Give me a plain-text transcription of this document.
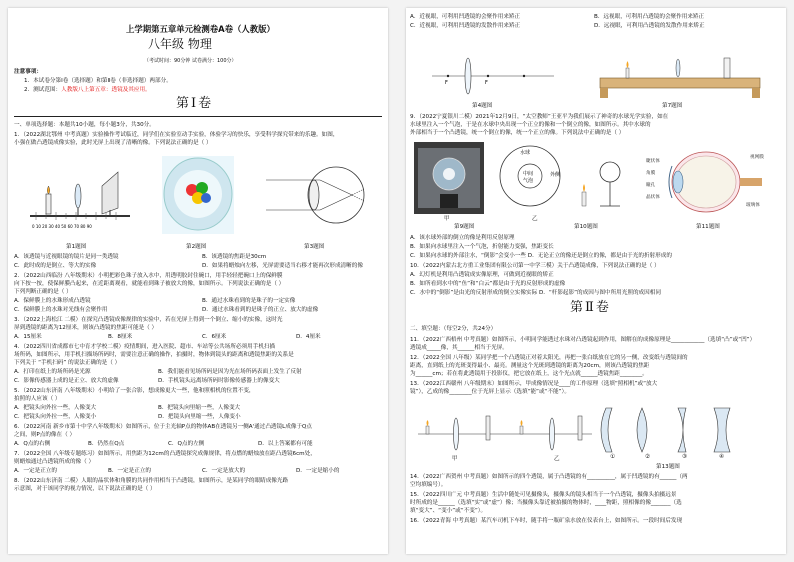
上学期第五章单元检测卷A卷（人教版）
八年级 物理
（考试时间：90分钟 试卷满分：100分）
注意事项：
1．本试卷分第Ⅰ卷（选择题）和第Ⅱ卷（非选择题）两部分。
2．测试范围：人教版八上第五章：透镜及其应用。
第Ⅰ卷
一、单项选择题：本题共10小题，每小题3分，共30分。
1．（2022湖北鄂州 中考真题）实验操作考试临近，同学们在实验室动手实验，体验学习的快乐，享受科学探究带来的乐趣。如图，
小强在做凸透镜成像实验，此时光屏上出现了清晰的像。下列说法正确的是（ ）
0 10 20 30 40 50 60 70 80 90
第1题图	第2题图	第3题图
A．该透镜与近视眼镜的镜片是同一类透镜	B．该透镜的焦距是30cm
C．此时成的是倒立、等大的实像	D．如果将蜡烛向左移，光屏需要适当右移才能再次形成清晰的像
2．（2022山西临汾 八年级期末）小明把彩色珠子放入水中，用透明胶封住碗口，用手轻轻把碗口上的保鲜膜
向下按一按，使保鲜膜凸起来，在近距离观看，就能看到珠子被放大的像，如图所示。下列说法正确的是（ ）
下列判断正确的是（ ）
A．保鲜膜上的水珠形成凸透镜	B．通过水珠看到的是珠子的一定实像
C．保鲜膜上的水珠对光线有会聚作用	D．通过水珠看到的是珠子的正立、放大的虚像
3．（2022上海松江 二模）在探究凸透镜成像规律的实验中，若在光屏上得到一个倒立、缩小的实像，这时光
屏到透镜的距离为12厘米，则该凸透镜的焦距可能是（ ）
A．15厘米	B．8厘米	C．6厘米	D．4厘米
4．（2022四川省成都市七中育才学校二模）疫情期间，进入医院、超市、车站等公共场所必须用手机扫描
场所码，如图所示，用手机扫描场所码时，需要注意正确的操作，拍摄时，物体到镜头的距离和透镜焦距的关系是
下列关于 “手机扫码” 的说法正确的是（ ）
A．打印在纸上的场所码是光源	B．我们能看见场所码是因为光在场所码表面上发生了反射
C．影像传感器上成的是正立、放大的虚像	D．手机镜头远离场所码时影像传感器上的像变大
5．（2022山东济南 八年级期末）小明给了一张合影，想成像更大一些，他和照相机的位置不变，
拍照的人应该（ ）
A．把镜头向外拉一些，人像变大	B．把镜头向里缩一些，人像变大
C．把镜头向外拉一些，人像变小	D．把镜头向里缩一些，人像变小
6．（2022河南 新乡市第十中学八年级期末）如图所示，位于主光轴P点的物体AB在透镜另一侧A'通过凸透镜L成像于Q点
之间，则P点的像在（ ）
A．Q点的右侧	B．仍然在Q点	C．Q点的左侧	D．以上答案都有可能
7．（2022全国 八年级专题练习）如图所示，用焦距为12cm的凸透镜探究成像规律，将点燃的蜡烛放在距凸透镜6cm处，
则蜡烛通过凸透镜所成的像（ ）
A．一定是正立的	B．一定是正立的	C．一定是放大的	D．一定是缩小的
8．（2022山东济南 二模）人眼的晶状体和角膜的共同作用相当于凸透镜，如图所示，是某同学的眼睛成像光路
示意图，对于该同学的视力情况，以下说法正确的是（ ）
A．近视眼，可利用凹透镜的会聚作用来矫正	B．远视眼，可利用凸透镜的会聚作用来矫正
C．近视眼，可利用凹透镜的发散作用来矫正	D．远视眼，可利用凸透镜的发散作用来矫正
F	F
第4题图	第7题图
9．（2022宁夏银川二模）2021年12月9日，“太空教师”王亚平为我们展示了神奇的水球光学实验，如在
水球里注入一个气泡，于是在水球中央出现一个正立的像和一个倒立的像，如图所示。其中水球的
外部相当于一个凸透镜，统一个倒立的像，统一个正立的像。下列说法中正确的是（ ）
甲
水球
外侧
中间
气泡
乙
睫状体
角膜
瞳孔
晶状体
视网膜
玻璃体
第9题图	第10题图	第11题图
A．该水球外部的倒立的像是利用反射原理
B．如果向水球里注入一个气泡，折射能力变强，焦距变长
C．如果向水球的外部注水，“倒影”会变小一些 D．无论正立的像还是倒立的像，都是由于光的折射形成的
10．（2022内蒙古北方重工业集团有限公司第一中学三模）关于凸透镜成像，下列说法正确的是（ ）
A．幻灯机是利用凸透镜成实像原理，可做到近视眼的矫正
B．如所看到水中的“鱼”和“白云”都是由于光的反射形成的虚像
C．水中的“倒影”是由光的反射形成的倒立实像实际 D．“杆影起影”的成因与图中所用光照的成因相同
第Ⅱ卷
二、填空题：（每空2分，共24分）
11．（2022广西梧州 中考真题）如图所示，小明同学能透过水珠对凸透镜起到作用，图解在的成像原理是____________（选填“凸”或“凹”）
透镜成_____像，其______相当于光屏。
12．（2022全国 八年级）某同学把一个凸透镜正对着太阳光，再把一张白纸放在它的另一侧，改变纸与透镜间的
距离，直到纸上的光斑变得最小、最亮。测量这个光斑到透镜的距离为20cm，则该凸透镜的焦距
为______cm；若在将此透镜用于投影仪，把它放在纸上，这个光点就______透镜焦距________。
13．（2022江西赣州 八年级期末）如图所示，甲成像情况是____的工作原理（选填“照相机”或“放大
镜”），乙成的像________位于光屏上显示（选填“能”或“不能”）。
甲	乙	①	②	③	④
第13题图
14．（2022广西贺州 中考真题）如图所示的四个透镜，属于凸透镜的有__________，属于凹透镜的有______（两
空均填编号）。
15．（2022四川广元 中考真题）生活中随处可见摄像头，摄像头的镜头相当于一个凸透镜，摄像头拍摄远景
时所成的是______（选填“实”或“虚”）像；当摄像头靠近被拍摄的物体时，____物距，照相像的像_______（选
填“变大”、“变小”或“不变”）。
16．（2022青海 中考真题）某汽车司机下车时，随手将一瓶矿泉水放在仪表台上，如图所示。一段时间后发现
